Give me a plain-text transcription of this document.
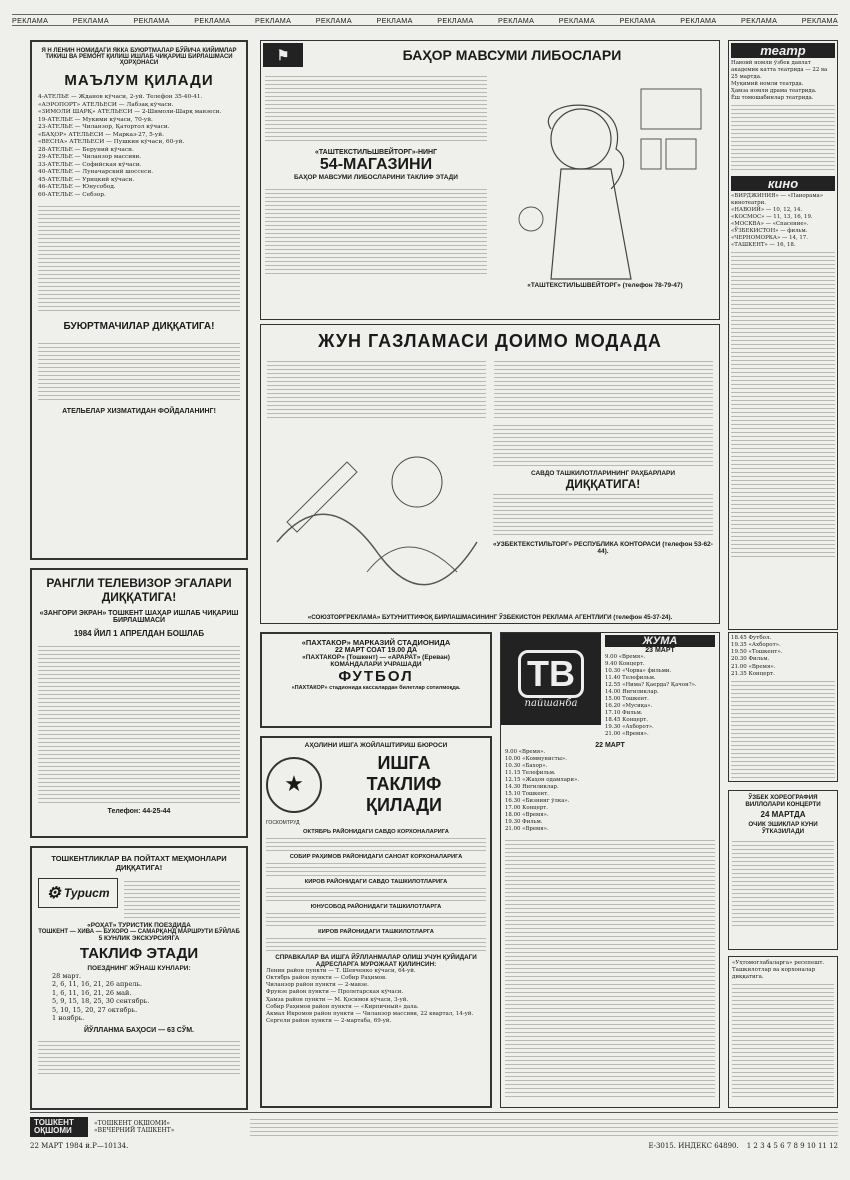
РЕКЛАМА	РЕКЛАМА	РЕКЛАМА	РЕКЛАМА	РЕКЛАМА	РЕКЛАМА	РЕКЛАМА	РЕКЛАМА	РЕКЛАМА	РЕКЛАМА	РЕКЛАМА	РЕКЛАМА	РЕКЛАМА	РЕКЛАМА
Я Н ЛЕНИН НОМИДАГИ ЯККА БУЮРТМАЛАР БЎЙИЧА КИЙИМЛАР ТИКИШ ВА РЕМОНТ ҚИЛИШ ИШЛАБ ЧИҚАРИШ БИРЛАШМАСИ ҲОРҲОНАСИ
МАЪЛУМ ҚИЛАДИ
4-АТЕЛЬЕ — Жданов кўчаси, 2-уй. Телефон 35-40-41.
«АЭРОПОРТ» АТЕЛЬЕСИ — Лабзақ кўчаси.
«ЗИМОЛИ ШАРҚ» АТЕЛЬЕСИ — 2-Шимоли-Шарқ мавзеси.
19-АТЕЛЬЕ — Мукими кўчаси, 70-уй.
23-АТЕЛЬЕ — Чиланзор, Қатортол кўчаси.
«БАҲОР» АТЕЛЬЕСИ — Марказ-27, 5-уй.
«ВЕСНА» АТЕЛЬЕСИ — Пушкин кўчаси, 60-уй.
28-АТЕЛЬЕ — Беруний кўчаси.
29-АТЕЛЬЕ — Чиланзор массиви.
33-АТЕЛЬЕ — Софийская кўчаси.
40-АТЕЛЬЕ — Луначарский шоссеси.
45-АТЕЛЬЕ — Урицкий кўчаси.
46-АТЕЛЬЕ — Юнусобод.
60-АТЕЛЬЕ — Себзор.
БУЮРТМАЧИЛАР ДИҚҚАТИГА!
АТЕЛЬЕЛАР ХИЗМАТИДАН ФОЙДАЛАНИНГ!
РАНГЛИ ТЕЛЕВИЗОР ЭГАЛАРИ ДИҚҚАТИГА!
«ЗАНГОРИ ЭКРАН» ТОШКЕНТ ШАҲАР ИШЛАБ ЧИҚАРИШ БИРЛАШМАСИ
1984 ЙИЛ 1 АПРЕЛДАН БОШЛАБ
Телефон: 44-25-44
ТОШКЕНТЛИКЛАР ВА ПОЙТАХТ МЕҲМОНЛАРИ ДИҚҚАТИГА!
⚙ Турист
«РОҲАТ» ТУРИСТИК ПОЕЗДИДА
ТОШКЕНТ — ХИВА — БУХОРО — САМАРҚАНД МАРШРУТИ БЎЙЛАБ
5 КУНЛИК ЭКСКУРСИЯГА
ТАКЛИФ ЭТАДИ
ПОЕЗДНИНГ ЖЎНАШ КУНЛАРИ:
28 март.
2, 6, 11, 16, 21, 26 апрель.
1, 6, 11, 16, 21, 26 май.
5, 9, 15, 18, 25, 30 сентябрь.
5, 10, 15, 20, 27 октябрь.
1 ноябрь.
ЙЎЛЛАНМА БАҲОСИ — 63 СЎМ.
⚑	БАҲОР МАВСУМИ ЛИБОСЛАРИ
«ТАШТЕКСТИЛЬШВЕЙТОРГ»-НИНГ
54-МАГАЗИНИ
БАҲОР МАВСУМИ ЛИБОСЛАРИНИ ТАКЛИФ ЭТАДИ
«ТАШТЕКСТИЛЬШВЕЙТОРГ» (телефон 78-79-47)
ЖУН ГАЗЛАМАСИ ДОИМО МОДАДА
САВДО ТАШКИЛОТЛАРИНИНГ РАҲБАРЛАРИ
ДИҚҚАТИГА!
«УЗБЕКТЕКСТИЛЬТОРГ» РЕСПУБЛИКА КОНТОРАСИ (телефон 53-62-44).
«СОЮЗТОРГРЕКЛАМА» БУТУНИТТИФОҚ БИРЛАШМАСИНИНГ ЎЗБЕКИСТОН РЕКЛАМА АГЕНТЛИГИ (телефон 45-37-24).
«ПАХТАКОР» МАРКАЗИЙ СТАДИОНИДА
22 МАРТ СОАТ 19.00 ДА
«ПАХТАКОР» (Тошкент) — «АРАРАТ» (Ереван)
КОМАНДАЛАРИ УЧРАШАДИ
ФУТБОЛ
«ПАХТАКОР» стадионида кассалардан билетлар сотилмоқда.
АҲОЛИНИ ИШГА ЖОЙЛАШТИРИШ БЮРОСИ
★
ИШГА
ТАКЛИФ
ҚИЛАДИ
ГОСКОМТРУД
ОКТЯБРЬ РАЙОНИДАГИ САВДО КОРХОНАЛАРИГА
СОБИР РАҲИМОВ РАЙОНИДАГИ САНОАТ КОРХОНАЛАРИГА
КИРОВ РАЙОНИДАГИ САВДО ТАШКИЛОТЛАРИГА
ЮНУСОБОД РАЙОНИДАГИ ТАШКИЛОТЛАРГА
КИРОВ РАЙОНИДАГИ ТАШКИЛОТЛАРГА
СПРАВКАЛАР ВА ИШГА ЙЎЛЛАНМАЛАР ОЛИШ УЧУН ҚУЙИДАГИ АДРЕСЛАРГА МУРОЖААТ ҚИЛИНСИН:
Ленин район пункти — Т. Шевченко кўчаси, 64-уй.
Октябрь район пункти — Собир Раҳимов.
Чиланзор район пункти — 2-мавзе.
Фрунзе район пункти — Пролетарская кўчаси.
Ҳамза район пункти — М. Қосимов кўчаси, 3-уй.
Собир Раҳимов район пункти — «Кирпичный» дала.
Акмал Икромов район пункти — Чиланзор массиви, 22 квартал, 14-уй.
Сергели район пункти — 2-мартаба, 69-уй.
ТВ
пайшанба
ЖУМА
23 МАРТ
9.00 «Время».
9.40 Концерт.
10.30 «Чорва» фильми.
11.40 Телефильм.
12.55 «Нима? Қаерда? Қачон?».
14.00 Янгиликлар.
15.00 Тошкент.
16.20 «Мусиқа».
17.10 Фильм.
18.45 Концерт.
19.30 «Ахборот».
21.00 «Время».
22 МАРТ
9.00 «Время».
10.00 «Коммунисты».
10.30 «Бахор».
11.15 Телефильм.
12.15 «Жаҳон одамлари».
14.30 Янгиликлар.
15.10 Тошкент.
16.30 «Бизнинг ўлка».
17.00 Концерт.
18.00 «Время».
19.30 Фильм.
21.00 «Время».
театр
Навоий номли ўзбек давлат академик катта театрида — 22 ва 25 мартда.
Муқимий номли театрда.
Ҳамза номли драма театрида.
Ёш томошабинлар театрида.
кино
«ВИРДЖИНИЯ» — «Панорама» кинотеатри.
«НАВОИЙ» — 10, 12, 14.
«КОСМОС» — 11, 13, 16, 19.
«МОСКВА» — «Спасение».
«ЎЗБЕКИСТОН» — фильм.
«ЧЕРНОМОРКА» — 14, 17.
«ТАШКЕНТ» — 16, 18.
18.45 Футбол.
19.35 «Ахборот».
19.50 «Тошкент».
20.30 Фильм.
21.00 «Время».
21.35 Концерт.
ЎЗБЕК ХОРЕОГРАФИЯ ВИЛЛОЛАРИ КОНЦЕРТИ
24 МАРТДА
ОЧИК ЭШИКЛАР КУНИ ЎТКАЗИЛАДИ
«Уҳтомоглабаларга» ресепешт.
Ташкилотлар ва корхоналар диққатига.
ТОШКЕНТ ОҚШОМИ
«ТОШКЕНТ ОҚШОМИ»
«ВЕЧЕРНИЙ ТАШКЕНТ»
22 МАРТ 1984 й. Р—10134.	Е-3015. ИНДЕКС 64890. 1 2 3 4 5 6 7 8 9 10 11 12
